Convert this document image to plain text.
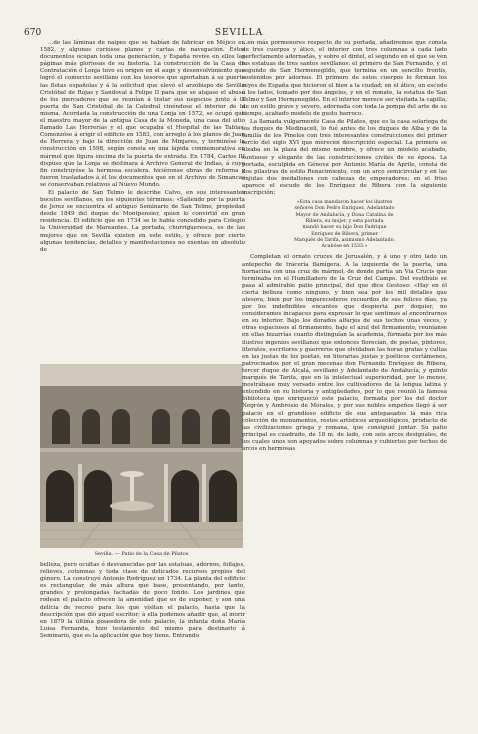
670	SEVILLA

...de las láminas de naipes que se habían de fabricar en Méjico en 1582, y algunos curiosos planos y cartas de navegación. Estos documentos ocupan toda una generación, y España revive en ellos las páginas más gloriosas de su historia. La construcción de la Casa de Contratación ó Lonja tuvo su origen en el auge y desenvolvimiento que logró el comercio sevillano con los tesoros que aportaban á su puerto las flotas españolas y á la solicitud que elevó el arzobispo de Sevilla Cristóbal de Rojas y Sandoval á Felipe II para que se atajase el abuso de los mercaderes que se reunían á tratar sus negocios junto á la puerta de San Cristóbal de la Catedral cinéndose el interior de la misma. Acordada la construcción de una Lonja en 1572, se ocupó que el maestro mayor de la antigua Casa de la Moneda, una casa del sitio llamado Las Herrerías y el que ocupaba el Hospital de las Tablas. Comenzóse á erigir el edificio en 1583, con arreglo á los planos de Juan de Herrera y bajo la dirección de Juan de Minjares, y terminóse la construcción en 1598, según consta en una lápida conmemorativa en mármol que figura encima de la puerta de entrada. En 1784, Carlos III dispuso que la Lonja se destinara á Archivo General de Indias, á cuyo fin construyóse la hermosa escalera, hiciéronse obras de reforma y fueron trasladados á él los documentos que en el Archivo de Simancas se conservaban relativos al Nuevo Mundo.

El palacio de San Telmo le describe Calvo, en sus interesantes bocetos sevillanos, en los siguientes términos: «Saliendo por la puerta de Jerez se encuentra el antiguo Seminario de San Telmo, propiedad desde 1849 del duque de Montpensier, quien lo convirtió en gran residencia. El edificio que en 1734 se le había concedido para Colegio la Universidad de Mareantes. La portada, churrigueresca, es de las mejores que en Sevilla existen en este estilo, y ofrece por cierto algunas tendencias, detalles y manifestaciones no exentas en absoluto de

Sevilla. — Patio de la Casa de Pilatos

belleza, pero ocultas ó desvanecidas por las estatuas, adornos, follajes, relieves, columnas y toda clase de delicados recursos propios del género. La construyó Antonio Rodríguez en 1734. La planta del edificio es rectangular, de más altura que base, presentando, por tanto, grandes y prolongadas fachadas de poco fondo. Los jardines que rodean el palacio ofrecen la amenidad que es de suponer, y son una delicia de recreo para los que visitan el palacio, hasta que la descripción que dió aquel escritor; á ella podemos añadir que, al morir en 1879 la última poseedora de este palacio, la infanta doña María Luisa Fernanda, hizo testamento del mismo para destinarlo á Seminario, que es la aplicación que hoy tiene. Entrando

...en más pormenores respecto de su portada, añadiremos que consta de tres cuerpos y ático, el interior con tres columnas á cada lado perfectamente adornadas, y sobre el dintel, el segundo en el que se ven las estatuas de tres santos sevillanos: el primero de San Fernando, y el segundo de San Hermenegildo, que termina en un sencillo frontis, sostenidos por adornos. El primero de estos cuerpos lo forman los reyes de España que hicieron el bien a la ciudad; en el ático, un escudo á los lados, tomado por dos ángeles, y en el remate, la estatua de San Telmo y San Hermenegildo. En el interior merece ser visitada la capilla, de un estilo grave y severo, adornada con toda la pompa del arte de su tiempo, acabado modelo de gusto barroco.

La llamada vulgarmente Casa de Pilatos, que es la casa solariega de los duques de Medinaceli, lo fué antes de los duques de Alba y de la familia de los Pinelos con tres interesantes construcciones del primer tercio del siglo XVI que merecen descripción especial. La primera se alzaba en la plaza del mismo nombre, y ofrece un modelo acabado, suntuoso y elegante de las construcciones civiles de su época. La portada, esculpida en Génova por Antonio María de Aprile, consta de dos pilastras de estilo Renacimiento, con un arco semicircular y en las enjutas dos medallones con cabezas de emperadores; en el friso aparece el escudo de los Enríquez de Ribera con la siguiente inscripción:

«Esta casa mandaron hacer los ilustres
señores Don Pedro Enríquez, Adelantado
Mayor de Andalucía, y Dona Catalina de
Ribera, su mujer, y esta portada
mandó hacer su hijo Don Fadrique
Enríquez de Ribera, primer
Marqués de Tarifa, asimismo Adelantado.
Acabóse en 1533.»

Completan el ornato cruces de Jerusalén, y á uno y otro lado un antepecho de tracería flamígera. A la izquierda de la puerta, una hornacina con una cruz de mármol, de donde partía un Via Crucis que terminaba en el Humilladero de la Cruz del Campo. Del vestíbulo se pasa al admirable patio principal, del que dice Gestoso: «Hay en él cierta belleza como ninguno, y bien sea por los mil detalles que atesora, bien por los imperecederos recuerdos de sus felices días, ya por los indefinibles encantos que despierta por doquier, no consideramos incapaces para expresar lo que sentimos al encontrarnos en su interior. Bajo los dorados alfarjes de sus techos unas veces, y otras espaciosos al firmamento, bajo el azul del firmamento, reuníanse en ellas bizarrías cuanto distinguían la academia, formada por los más ilustres ingenios sevillanos que entonces florecían, de poetas, pintores, literatos, escritores y guerreros que olvidaban las horas gratas y cultas en las justas de los poetas, en literarias justas y poéticos certámenes, patrocinados por el gran mecenas don Fernando Enríquez de Ribera, tercer duque de Alcalá, sevillano y Adelantado de Andalucía, y quinto marqués de Tarifa, que en la intelectual superioridad, por lo menos, mostrábase muy versado entre los cultivadores de la lengua latina y entendido en su historia y antigüedades, por lo que reunió la famosa biblioteca que enriqueció este palacio, formada por los del doctor Negrón y Ambrosio de Morales, y por sus nobles empeños llegó á ser palacio en el grandioso edificio de sus antepasados la más rica colección de monumentos, restos artísticos arqueológicos, producto de las civilizaciones griega y romana, que consiguió juntar. Su patio principal es cuadrado, de 18 m. de lado, con seis arcos desiguales, de los cuales unos son apoyados sobre columnas y cubiertos por techos de arcos en hermosas
